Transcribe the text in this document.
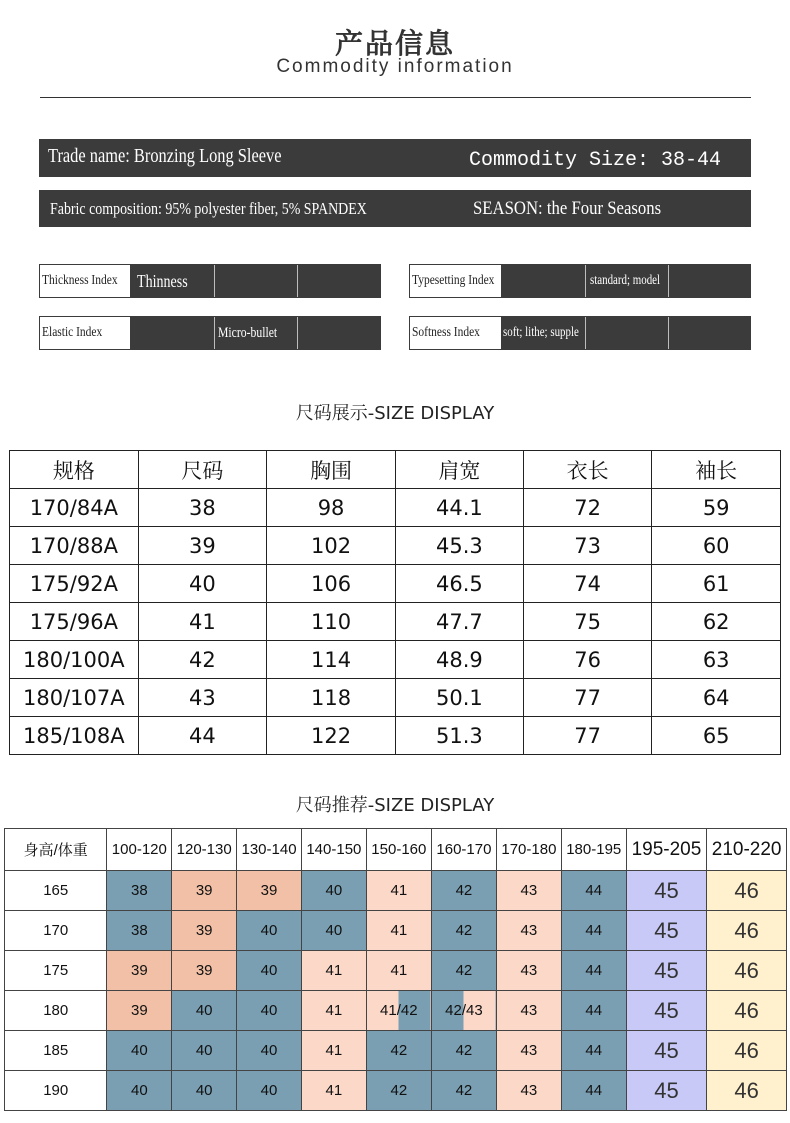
产品信息
Commodity information
Trade name: Bronzing Long Sleeve	Commodity Size: 38-44
Fabric composition: 95% polyester fiber, 5% SPANDEX	SEASON: the Four Seasons
Thickness Index	Thinness	Typesetting Index	standard; model
Elastic Index	Micro-bullet	Softness Index	soft; lithe; supple
尺码展示-SIZE DISPLAY
规格	尺码	胸围	肩宽	衣长	袖长
170/84A	38	98	44.1	72	59
170/88A	39	102	45.3	73	60
175/92A	40	106	46.5	74	61
175/96A	41	110	47.7	75	62
180/100A	42	114	48.9	76	63
180/107A	43	118	50.1	77	64
185/108A	44	122	51.3	77	65
尺码推荐-SIZE DISPLAY
身高/体重	100-120	120-130	130-140	140-150	150-160	160-170	170-180	180-195	195-205	210-220
165	38	39	39	40	41	42	43	44	45	46
170	38	39	40	40	41	42	43	44	45	46
175	39	39	40	41	41	42	43	44	45	46
180	39	40	40	41	41/42	42/43	43	44	45	46
185	40	40	40	41	42	42	43	44	45	46
190	40	40	40	41	42	42	43	44	45	46
